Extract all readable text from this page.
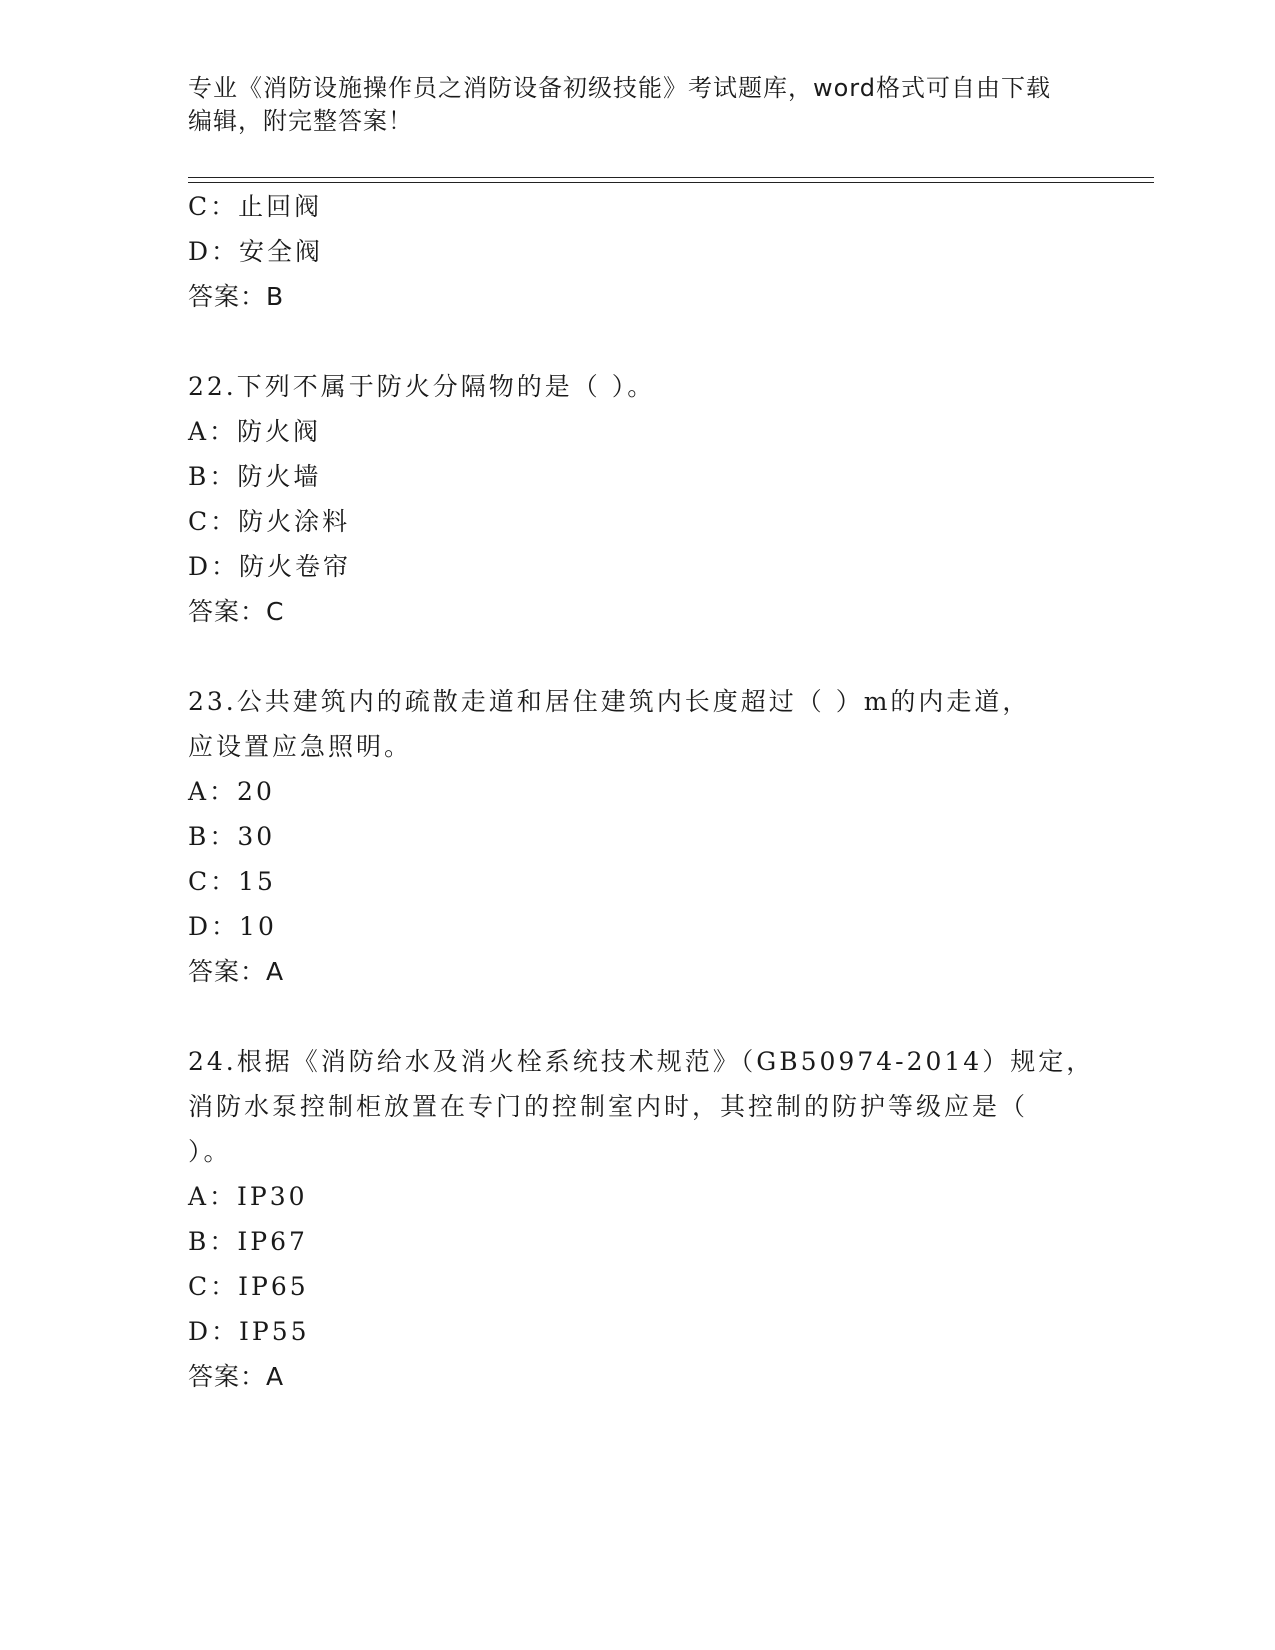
专业《消防设施操作员之消防设备初级技能》考试题库，word格式可自由下载编辑，附完整答案！
C：止回阀
D：安全阀
答案：B
22.下列不属于防火分隔物的是（ ）。
A：防火阀
B：防火墙
C：防火涂料
D：防火卷帘
答案：C
23.公共建筑内的疏散走道和居住建筑内长度超过（ ）m的内走道，
应设置应急照明。
A：20
B：30
C：15
D：10
答案：A
24.根据《消防给水及消火栓系统技术规范》（GB50974-2014）规定，
消防水泵控制柜放置在专门的控制室内时，其控制的防护等级应是（
）。
A：IP30
B：IP67
C：IP65
D：IP55
答案：A
